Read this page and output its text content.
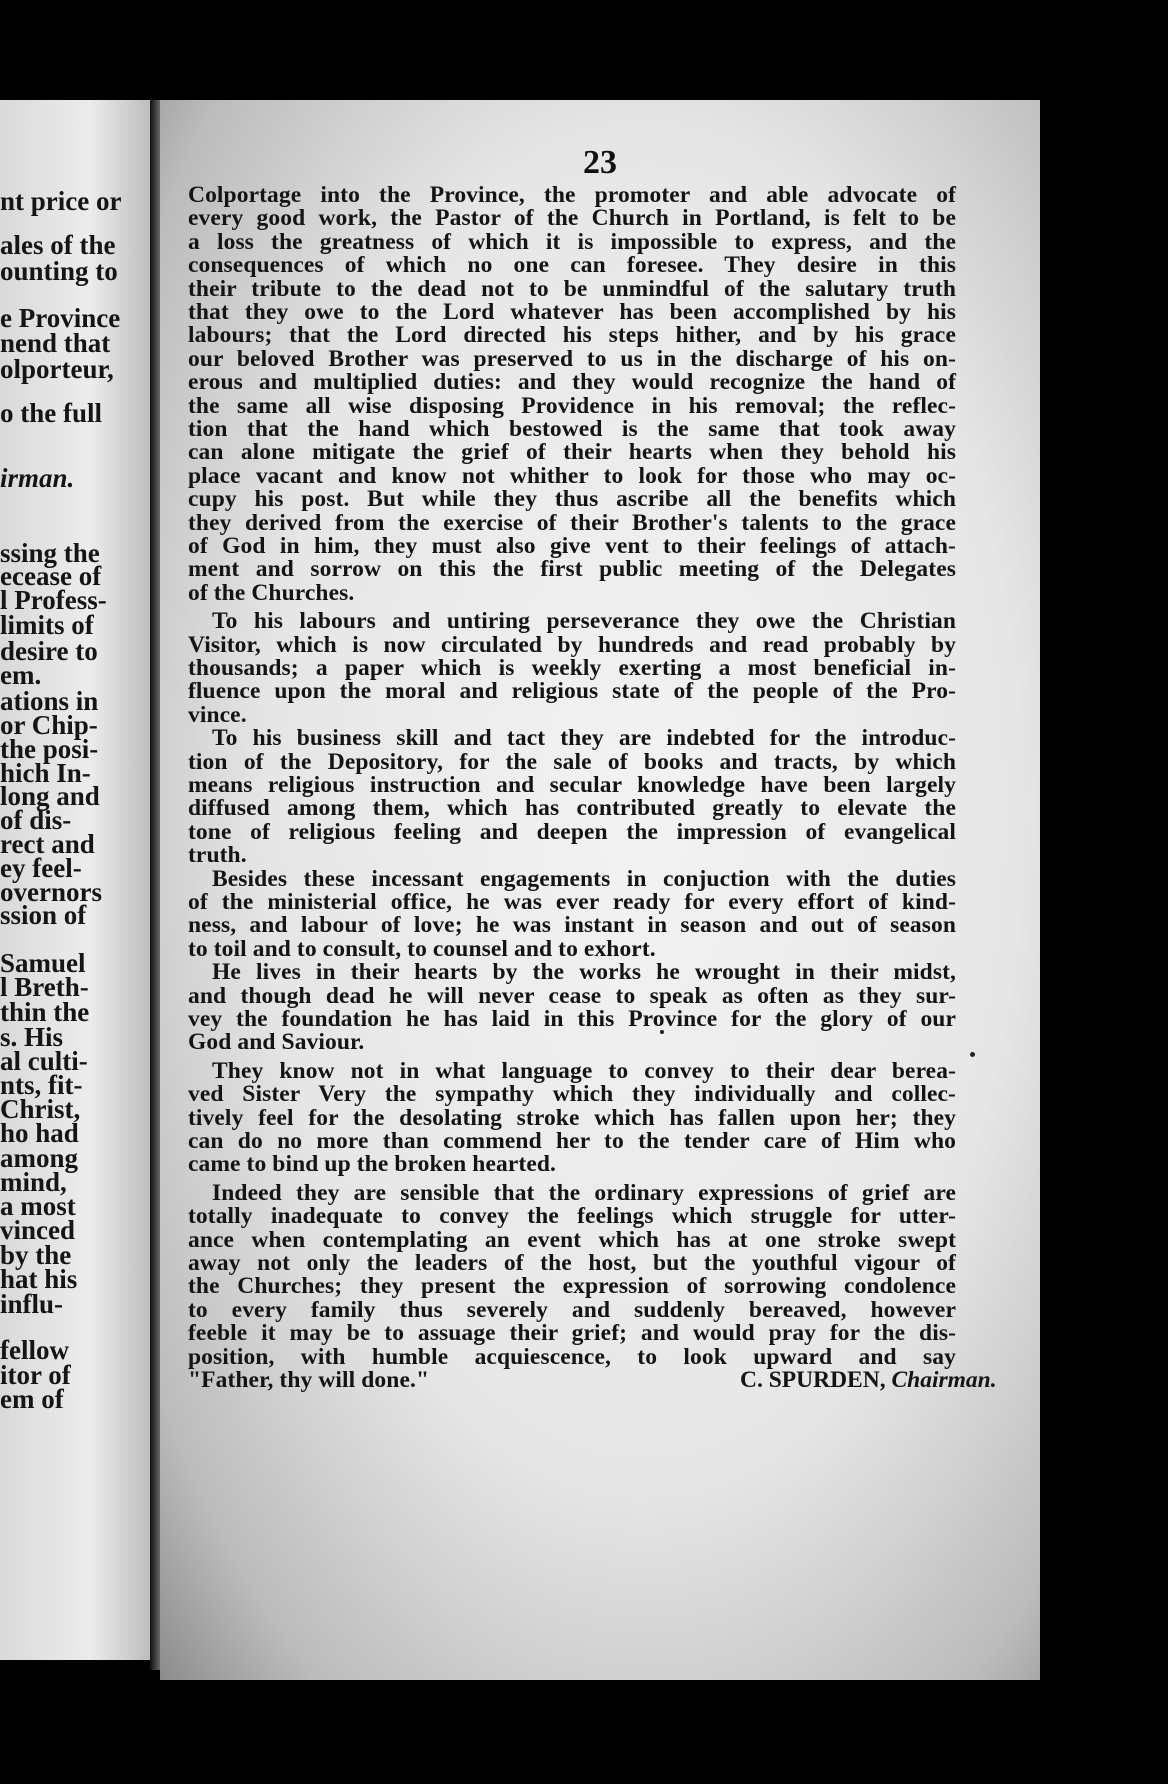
nt price or
ales of the
ounting to
e Province
nend that
olporteur,
o the full
irman.
ssing the
ecease of
l Profess-
limits of
desire to
em.
ations in
or Chip-
the posi-
hich In-
long and
of dis-
rect and
ey feel-
overnors
ssion of
Samuel
l Breth-
thin the
s. His
al culti-
nts, fit-
Christ,
ho had
among
mind,
a most
vinced
by the
hat his
influ-
fellow
itor of
em of
23
C. SPURDEN, Chairman.
Colportage into the Province, the promoter and able advocate of
every good work, the Pastor of the Church in Portland, is felt to be
a loss the greatness of which it is impossible to express, and the
consequences of which no one can foresee. They desire in this
their tribute to the dead not to be unmindful of the salutary truth
that they owe to the Lord whatever has been accomplished by his
labours; that the Lord directed his steps hither, and by his grace
our beloved Brother was preserved to us in the discharge of his on-
erous and multiplied duties: and they would recognize the hand of
the same all wise disposing Providence in his removal; the reflec-
tion that the hand which bestowed is the same that took away
can alone mitigate the grief of their hearts when they behold his
place vacant and know not whither to look for those who may oc-
cupy his post. But while they thus ascribe all the benefits which
they derived from the exercise of their Brother's talents to the grace
of God in him, they must also give vent to their feelings of attach-
ment and sorrow on this the first public meeting of the Delegates
of the Churches.
To his labours and untiring perseverance they owe the Christian
Visitor, which is now circulated by hundreds and read probably by
thousands; a paper which is weekly exerting a most beneficial in-
fluence upon the moral and religious state of the people of the Pro-
vince.
To his business skill and tact they are indebted for the introduc-
tion of the Depository, for the sale of books and tracts, by which
means religious instruction and secular knowledge have been largely
diffused among them, which has contributed greatly to elevate the
tone of religious feeling and deepen the impression of evangelical
truth.
Besides these incessant engagements in conjuction with the duties
of the ministerial office, he was ever ready for every effort of kind-
ness, and labour of love; he was instant in season and out of season
to toil and to consult, to counsel and to exhort.
He lives in their hearts by the works he wrought in their midst,
and though dead he will never cease to speak as often as they sur-
vey the foundation he has laid in this Province for the glory of our
God and Saviour.
They know not in what language to convey to their dear berea-
ved Sister Very the sympathy which they individually and collec-
tively feel for the desolating stroke which has fallen upon her; they
can do no more than commend her to the tender care of Him who
came to bind up the broken hearted.
Indeed they are sensible that the ordinary expressions of grief are
totally inadequate to convey the feelings which struggle for utter-
ance when contemplating an event which has at one stroke swept
away not only the leaders of the host, but the youthful vigour of
the Churches; they present the expression of sorrowing condolence
to every family thus severely and suddenly bereaved, however
feeble it may be to assuage their grief; and would pray for the dis-
position, with humble acquiescence, to look upward and say
"Father, thy will done."
